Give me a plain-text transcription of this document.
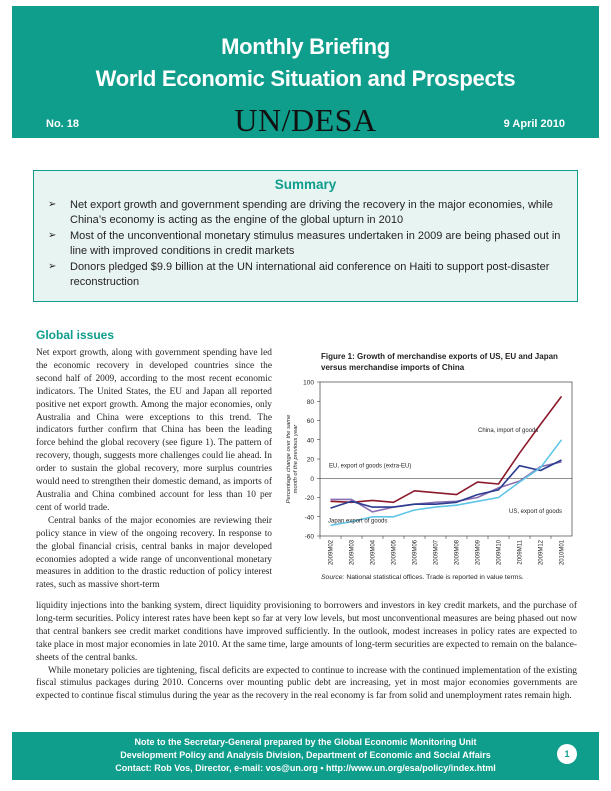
Monthly Briefing
World Economic Situation and Prospects
No. 18	UN/DESA	9 April 2010
Summary
➢ Net export growth and government spending are driving the recovery in the major economies, while China’s economy is acting as the engine of the global upturn in 2010
➢ Most of the unconventional monetary stimulus measures undertaken in 2009 are being phased out in line with improved conditions in credit markets
➢ Donors pledged $9.9 billion at the UN international aid conference on Haiti to support post-disaster reconstruction
Global issues

Net export growth, along with government spending have led the economic recovery in developed countries since the second half of 2009, according to the most recent economic indicators. The United States, the EU and Japan all reported positive net export growth. Among the major economies, only Australia and China were exceptions to this trend. The indicators further confirm that China has been the leading force behind the global recovery (see figure 1). The pattern of recovery, though, suggests more challenges could lie ahead. In order to sustain the global recovery, more surplus countries would need to strengthen their domestic demand, as imports of Australia and China combined account for less than 10 per cent of world trade.

Central banks of the major economies are reviewing their policy stance in view of the ongoing recovery. In response to the global financial crisis, central banks in major developed economies adopted a wide range of unconventional monetary measures in addition to the drastic reduction of policy interest rates, such as massive short-term

Figure 1: Growth of merchandise exports of US, EU and Japan versus merchandise imports of China
-60
-40
-20
0
20
40
60
80
100
Percentage change over the samemonth of the previous year
2009M02	2009M03	2009M04	2009M05	2009M06	2009M07	2009M08	2009M09	2009M10	2009M11	2009M12	2010M01
China, import of goods
EU, export of goods (extra-EU)
US, export of goods
Japan export of goods
Source: National statistical offices. Trade is reported in value terms.

liquidity injections into the banking system, direct liquidity provisioning to borrowers and investors in key credit markets, and the purchase of long-term securities. Policy interest rates have been kept so far at very low levels, but most unconventional measures are being phased out now that central bankers see credit market conditions have improved sufficiently. In the outlook, modest increases in policy rates are expected to take place in most major economies in late 2010. At the same time, large amounts of long-term securities are expected to remain on the balance-sheets of the central banks.

While monetary policies are tightening, fiscal deficits are expected to continue to increase with the continued implementation of the existing fiscal stimulus packages during 2010. Concerns over mounting public debt are increasing, yet in most major economies governments are expected to continue fiscal stimulus during the year as the recovery in the real economy is far from solid and unemployment rates remain high.

Note to the Secretary-General prepared by the Global Economic Monitoring Unit
Development Policy and Analysis Division, Department of Economic and Social Affairs
Contact: Rob Vos, Director, e-mail: vos@un.org • http://www.un.org/esa/policy/index.html
1
